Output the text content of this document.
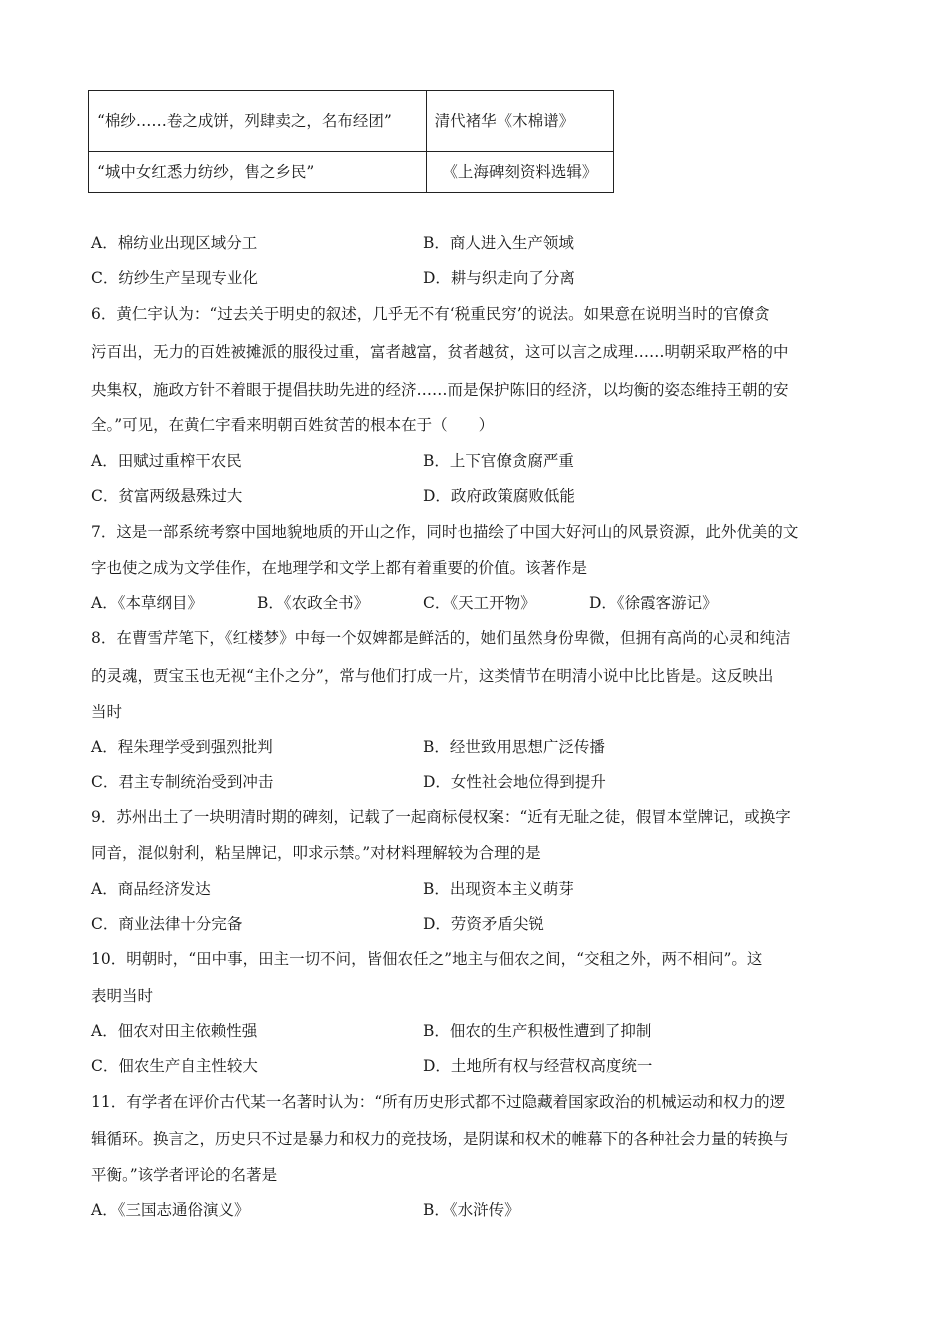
“棉纱……卷之成饼，列肆卖之，名布经团”	清代褚华《木棉谱》
“城中女红悉力纺纱，售之乡民”	《上海碑刻资料选辑》
A．棉纺业出现区域分工	B．商人进入生产领域
C．纺纱生产呈现专业化	D．耕与织走向了分离
6．黄仁宇认为：“过去关于明史的叙述，几乎无不有‘税重民穷’的说法。如果意在说明当时的官僚贪
污百出，无力的百姓被摊派的服役过重，富者越富，贫者越贫，这可以言之成理……明朝采取严格的中
央集权，施政方针不着眼于提倡扶助先进的经济……而是保护陈旧的经济，以均衡的姿态维持王朝的安
全。”可见，在黄仁宇看来明朝百姓贫苦的根本在于（　　）
A．田赋过重榨干农民	B．上下官僚贪腐严重
C．贫富两级悬殊过大	D．政府政策腐败低能
7．这是一部系统考察中国地貌地质的开山之作，同时也描绘了中国大好河山的风景资源，此外优美的文
字也使之成为文学佳作，在地理学和文学上都有着重要的价值。该著作是
A．《本草纲目》	B．《农政全书》	C．《天工开物》	D．《徐霞客游记》
8．在曹雪芹笔下，《红楼梦》中每一个奴婢都是鲜活的，她们虽然身份卑微，但拥有高尚的心灵和纯洁
的灵魂，贾宝玉也无视“主仆之分”，常与他们打成一片，这类情节在明清小说中比比皆是。这反映出
当时
A．程朱理学受到强烈批判	B．经世致用思想广泛传播
C．君主专制统治受到冲击	D．女性社会地位得到提升
9．苏州出土了一块明清时期的碑刻，记载了一起商标侵权案：“近有无耻之徒，假冒本堂牌记，或换字
同音，混似射利，粘呈牌记，叩求示禁。”对材料理解较为合理的是
A．商品经济发达	B．出现资本主义萌芽
C．商业法律十分完备	D．劳资矛盾尖锐
10．明朝时，“田中事，田主一切不问，皆佃农任之”地主与佃农之间，“交租之外，两不相问”。这
表明当时
A．佃农对田主依赖性强	B．佃农的生产积极性遭到了抑制
C．佃农生产自主性较大	D．土地所有权与经营权高度统一
11．有学者在评价古代某一名著时认为：“所有历史形式都不过隐藏着国家政治的机械运动和权力的逻
辑循环。换言之，历史只不过是暴力和权力的竞技场，是阴谋和权术的帷幕下的各种社会力量的转换与
平衡。”该学者评论的名著是
A．《三国志通俗演义》	B．《水浒传》
